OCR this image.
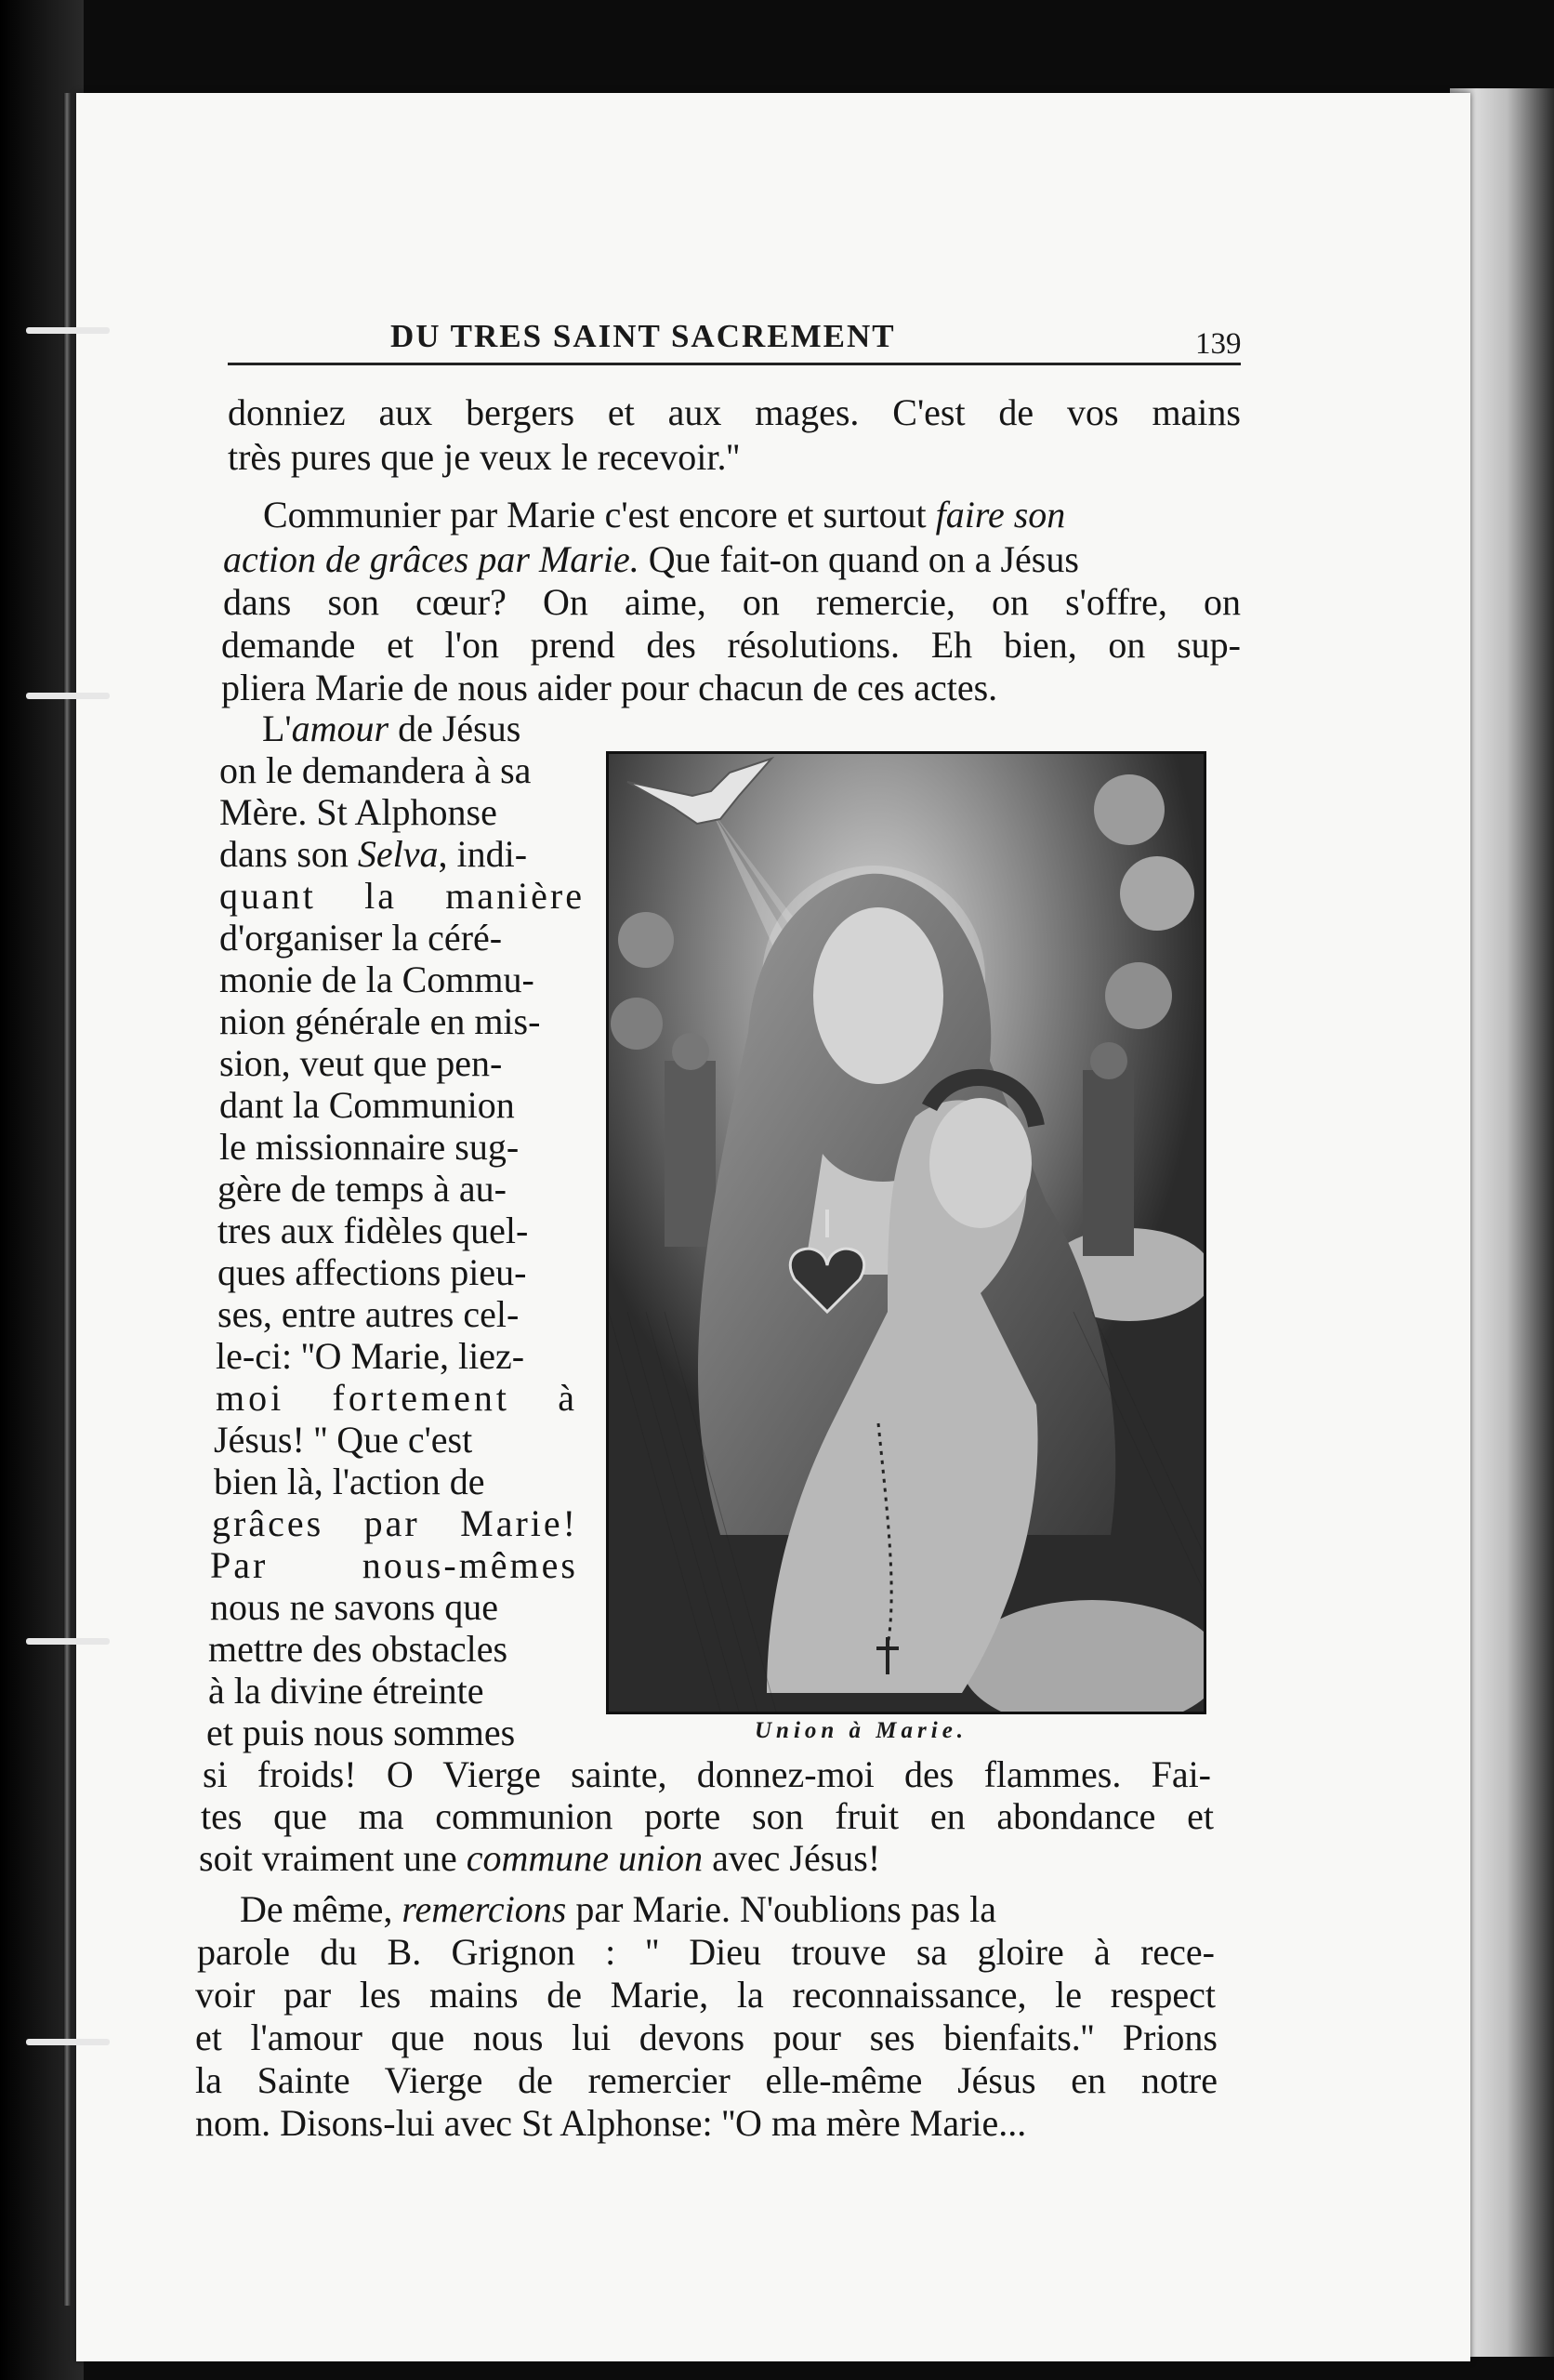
DU TRES SAINT SACREMENT	139
donniez aux bergers et aux mages. C'est de vos mains
très pures que je veux le recevoir.''
Communier par Marie c'est encore et surtout faire son
action de grâces par Marie. Que fait-on quand on a Jésus
dans son cœur? On aime, on remercie, on s'offre, on
demande et l'on prend des résolutions. Eh bien, on sup-
pliera Marie de nous aider pour chacun de ces actes.
L'amour de Jésus
on le demandera à sa
Mère. St Alphonse
dans son Selva, indi-
quant la manière
d'organiser la céré-
monie de la Commu-
nion générale en mis-
sion, veut que pen-
dant la Communion
le missionnaire sug-
gère de temps à au-
tres aux fidèles quel-
ques affections pieu-
ses, entre autres cel-
le-ci: ''O Marie, liez-
moi fortement à
Jésus! '' Que c'est
bien là, l'action de
grâces par Marie!
Par nous-mêmes
nous ne savons que
mettre des obstacles
à la divine étreinte
et puis nous sommes
si froids! O Vierge sainte, donnez-moi des flammes. Fai-
tes que ma communion porte son fruit en abondance et
soit vraiment une commune union avec Jésus!
De même, remercions par Marie. N'oublions pas la
parole du B. Grignon : '' Dieu trouve sa gloire à rece-
voir par les mains de Marie, la reconnaissance, le respect
et l'amour que nous lui devons pour ses bienfaits.'' Prions
la Sainte Vierge de remercier elle-même Jésus en notre
nom. Disons-lui avec St Alphonse: ''O ma mère Marie...
Union à Marie.
